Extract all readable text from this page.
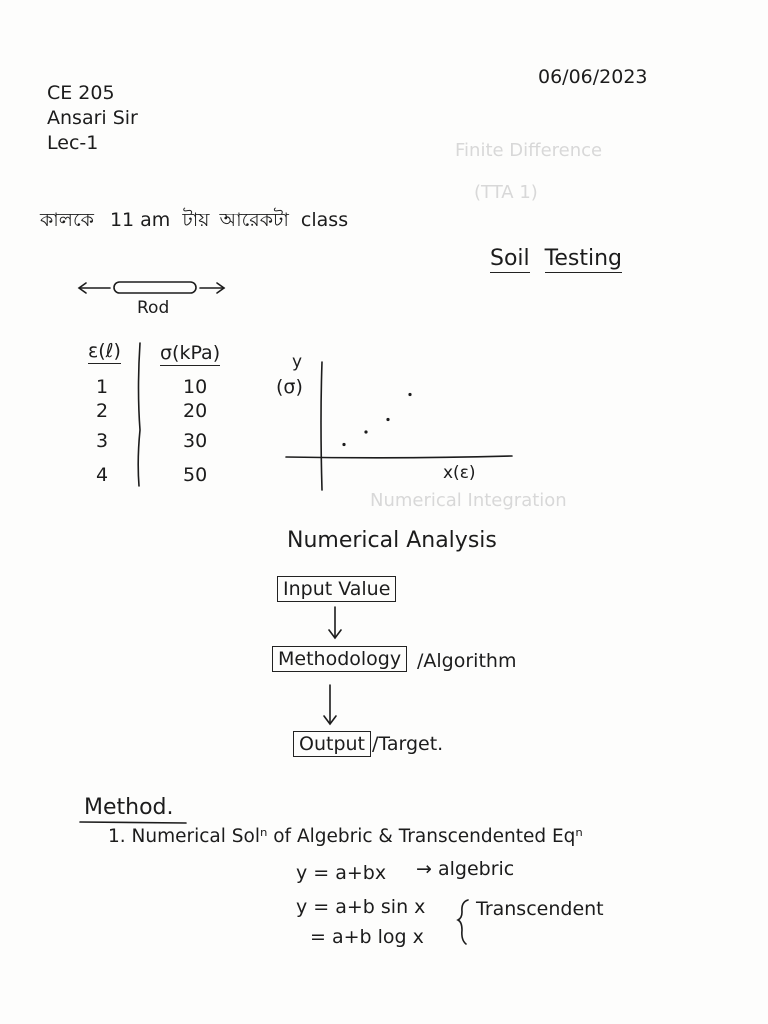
Finite Difference
(TTA 1)
Numerical Integration
CE 205
Ansari Sir
Lec-1
06/06/2023
কালকে 11 am টায় আরেকটা class
Soil Testing
Rod
ε(ℓ) σ(kPa)
1	10
2	20
3	30
4	50
y
(σ)
x(ε)
Numerical Analysis
Input Value
Methodology /Algorithm
Output /Target.
Method.
1. Numerical Solⁿ of Algebric & Transcendented Eqⁿ
y = a+bx → algebric
y = a+b sin x
= a+b log x
Transcendent
